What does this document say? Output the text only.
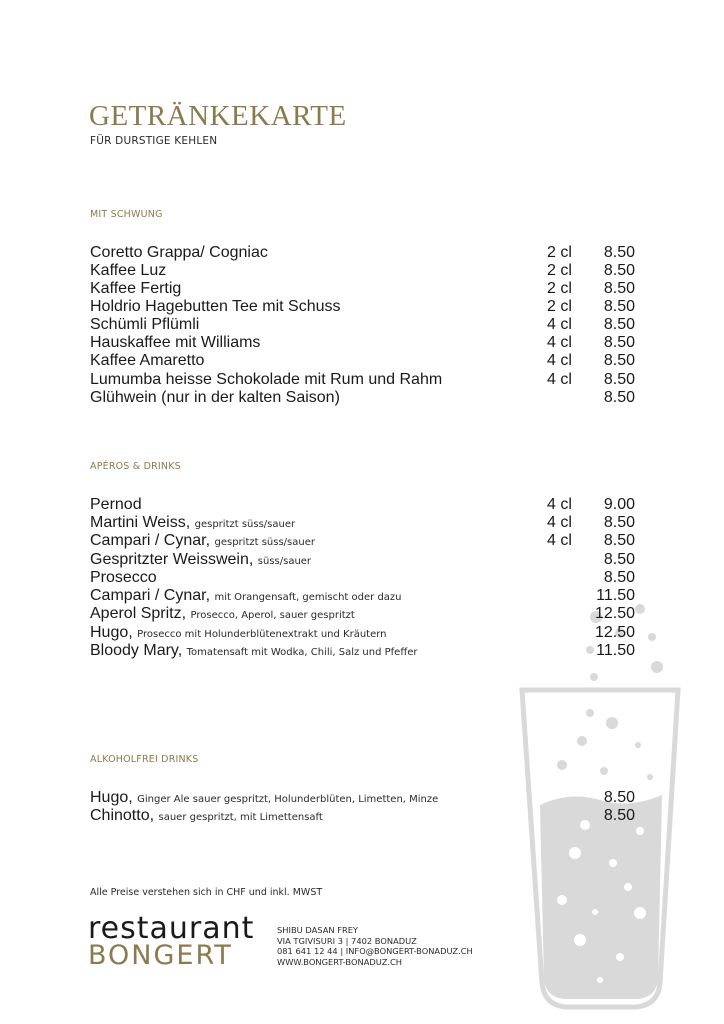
GETRÄNKEKARTE
FÜR DURSTIGE KEHLEN
MIT SCHWUNG
Coretto Grappa/ Cogniac	2 cl 8.50
Kaffee Luz	2 cl 8.50
Kaffee Fertig	2 cl 8.50
Holdrio Hagebutten Tee mit Schuss	2 cl 8.50
Schümli Pflümli	4 cl 8.50
Hauskaffee mit Williams	4 cl 8.50
Kaffee Amaretto	4 cl 8.50
Lumumba heisse Schokolade mit Rum und Rahm	4 cl 8.50
Glühwein (nur in der kalten Saison)	8.50
APÉROS & DRINKS
Pernod	4 cl 9.00
Martini Weiss, gespritzt süss/sauer	4 cl 8.50
Campari / Cynar, gespritzt süss/sauer	4 cl 8.50
Gespritzter Weisswein, süss/sauer	8.50
Prosecco	8.50
Campari / Cynar, mit Orangensaft, gemischt oder dazu	11.50
Aperol Spritz, Prosecco, Aperol, sauer gespritzt	12.50
Hugo, Prosecco mit Holunderblütenextrakt und Kräutern	12.50
Bloody Mary, Tomatensaft mit Wodka, Chili, Salz und Pfeffer	11.50
ALKOHOLFREI DRINKS
Hugo, Ginger Ale sauer gespritzt, Holunderblüten, Limetten, Minze	8.50
Chinotto, sauer gespritzt, mit Limettensaft	8.50
Alle Preise verstehen sich in CHF und inkl. MWST
restaurant
BONGERT
SHIBU DASAN FREY
VIA TGIVISURI 3 | 7402 BONADUZ
081 641 12 44 | INFO@BONGERT-BONADUZ.CH
WWW.BONGERT-BONADUZ.CH
